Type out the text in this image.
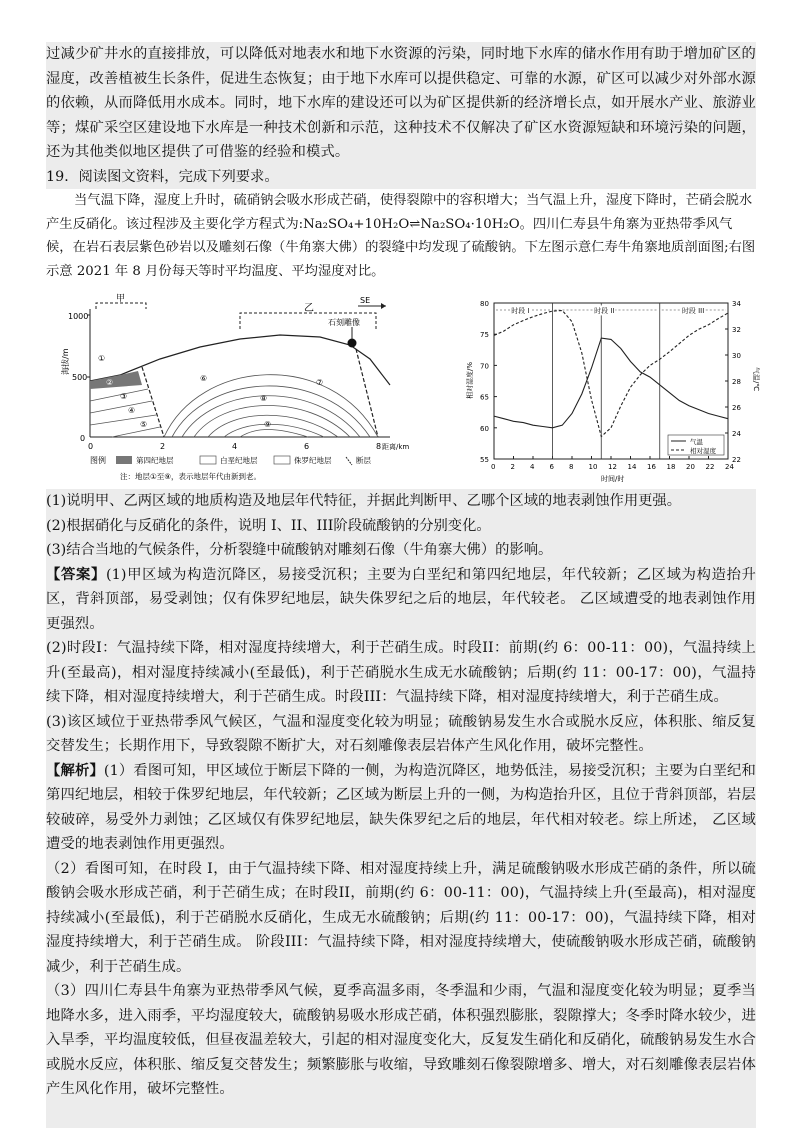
过减少矿井水的直接排放，可以降低对地表水和地下水资源的污染，同时地下水库的储水作用有助于增加矿区的湿度，改善植被生长条件，促进生态恢复；由于地下水库可以提供稳定、可靠的水源，矿区可以减少对外部水源的依赖，从而降低用水成本。同时，地下水库的建设还可以为矿区提供新的经济增长点，如开展水产业、旅游业等；煤矿采空区建设地下水库是一种技术创新和示范，这种技术不仅解决了矿区水资源短缺和环境污染的问题，还为其他类似地区提供了可借鉴的经验和模式。

19．阅读图文资料，完成下列要求。

当气温下降，湿度上升时，硫硝钠会吸水形成芒硝，使得裂隙中的容积增大；当气温上升，湿度下降时，芒硝会脱水产生反硝化。该过程涉及主要化学方程式为:Na₂SO₄+10H₂O⇌Na₂SO₄·10H₂O。四川仁寿县牛角寨为亚热带季风气候，在岩石表层紫色砂岩以及雕刻石像（牛角寨大佛）的裂缝中均发现了硫酸钠。下左图示意仁寿牛角寨地质剖面图;右图示意 2021 年 8 月份每天等时平均温度、平均湿度对比。

海拔/m
1000
500
0
0	2	4	6	8 距离/km
甲
乙
SE
石刻雕像
①
②
③
④
⑤
⑥	⑦
⑧
⑨
图例	第四纪地层	白垩纪地层	侏罗纪地层	断层
注：地层①至⑨，表示地层年代由新到老。
0 2 4 6 8 10 12 14 16 18 20 22 24
55
60
65
70
75
80
22
24
26
28
30
32
34
时间/时
相对湿度/%	气温/℃
时段 I	时段 II	时段 III
气温
相对湿度

(1)说明甲、乙两区域的地质构造及地层年代特征，并据此判断甲、乙哪个区域的地表剥蚀作用更强。

(2)根据硝化与反硝化的条件，说明 I、II、III阶段硫酸钠的分别变化。

(3)结合当地的气候条件，分析裂缝中硫酸钠对雕刻石像（牛角寨大佛）的影响。

【答案】(1)甲区域为构造沉降区，易接受沉积；主要为白垩纪和第四纪地层，年代较新；乙区域为构造抬升区，背斜顶部，易受剥蚀；仅有侏罗纪地层，缺失侏罗纪之后的地层，年代较老。 乙区域遭受的地表剥蚀作用更强烈。

(2)时段I：气温持续下降，相对湿度持续增大，利于芒硝生成。时段II：前期(约 6：00-11：00)，气温持续上升(至最高)，相对湿度持续减小(至最低)，利于芒硝脱水生成无水硫酸钠；后期(约 11：00-17：00)，气温持续下降，相对湿度持续增大，利于芒硝生成。时段III：气温持续下降，相对湿度持续增大，利于芒硝生成。

(3)该区域位于亚热带季风气候区，气温和湿度变化较为明显；硫酸钠易发生水合或脱水反应，体积胀、缩反复交替发生；长期作用下，导致裂隙不断扩大，对石刻雕像表层岩体产生风化作用，破坏完整性。

【解析】(1）看图可知，甲区域位于断层下降的一侧，为构造沉降区，地势低洼，易接受沉积；主要为白垩纪和第四纪地层，相较于侏罗纪地层，年代较新；乙区域为断层上升的一侧，为构造抬升区，且位于背斜顶部，岩层较破碎，易受外力剥蚀；乙区域仅有侏罗纪地层，缺失侏罗纪之后的地层，年代相对较老。综上所述， 乙区域遭受的地表剥蚀作用更强烈。

（2）看图可知，在时段 I，由于气温持续下降、相对湿度持续上升，满足硫酸钠吸水形成芒硝的条件，所以硫酸钠会吸水形成芒硝，利于芒硝生成；在时段II，前期(约 6：00-11：00)，气温持续上升(至最高)，相对湿度持续减小(至最低)，利于芒硝脱水反硝化，生成无水硫酸钠；后期(约 11：00-17：00)，气温持续下降，相对湿度持续增大，利于芒硝生成。 阶段III：气温持续下降，相对湿度持续增大，使硫酸钠吸水形成芒硝，硫酸钠减少，利于芒硝生成。

（3）四川仁寿县牛角寨为亚热带季风气候，夏季高温多雨，冬季温和少雨，气温和湿度变化较为明显；夏季当地降水多，进入雨季，平均湿度较大，硫酸钠易吸水形成芒硝，体积强烈膨胀，裂隙撑大；冬季时降水较少，进入旱季，平均温度较低，但昼夜温差较大，引起的相对湿度变化大，反复发生硝化和反硝化，硫酸钠易发生水合或脱水反应，体积胀、缩反复交替发生；频繁膨胀与收缩，导致雕刻石像裂隙增多、增大，对石刻雕像表层岩体产生风化作用，破坏完整性。
